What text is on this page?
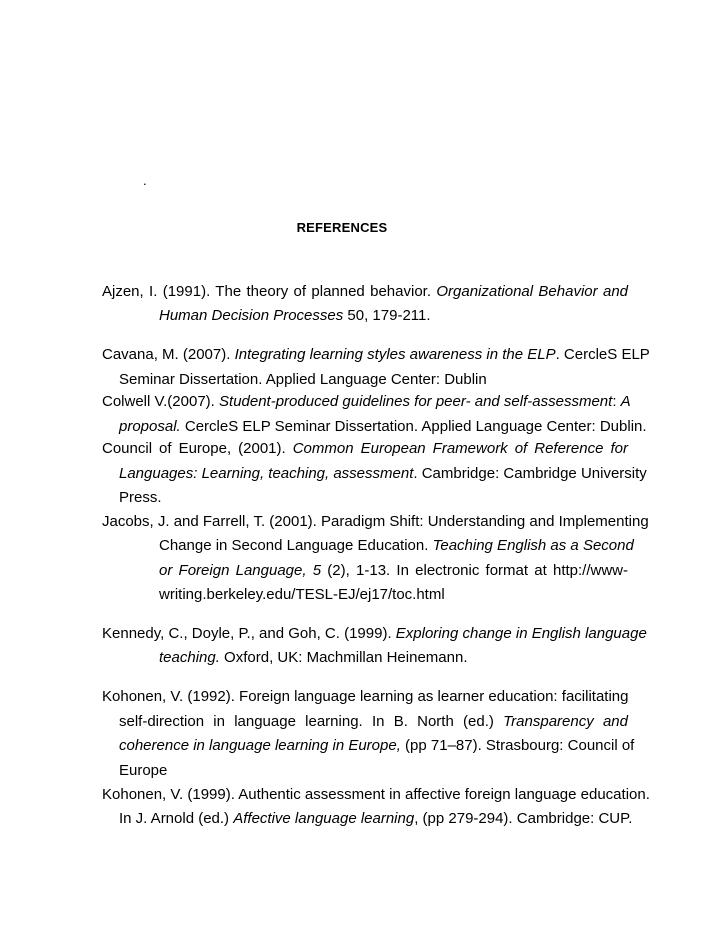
.
REFERENCES
Ajzen, I. (1991). The theory of planned behavior. Organizational Behavior and
Human Decision Processes 50, 179-211.
Cavana, M. (2007). Integrating learning styles awareness in the ELP. CercleS ELP
Seminar Dissertation. Applied Language Center: Dublin
Colwell V.(2007). Student-produced guidelines for peer- and self-assessment: A
proposal. CercleS ELP Seminar Dissertation. Applied Language Center: Dublin.
Council of Europe, (2001). Common European Framework of Reference for
Languages: Learning, teaching, assessment. Cambridge: Cambridge University
Press.
Jacobs, J. and Farrell, T. (2001). Paradigm Shift: Understanding and Implementing
Change in Second Language Education. Teaching English as a Second
or Foreign Language, 5 (2), 1-13. In electronic format at http://www-
writing.berkeley.edu/TESL-EJ/ej17/toc.html
Kennedy, C., Doyle, P., and Goh, C. (1999). Exploring change in English language
teaching. Oxford, UK: Machmillan Heinemann.
Kohonen, V. (1992). Foreign language learning as learner education: facilitating
self-direction in language learning. In B. North (ed.) Transparency and
coherence in language learning in Europe, (pp 71–87). Strasbourg: Council of
Europe
Kohonen, V. (1999). Authentic assessment in affective foreign language education.
In J. Arnold (ed.) Affective language learning, (pp 279-294). Cambridge: CUP.
